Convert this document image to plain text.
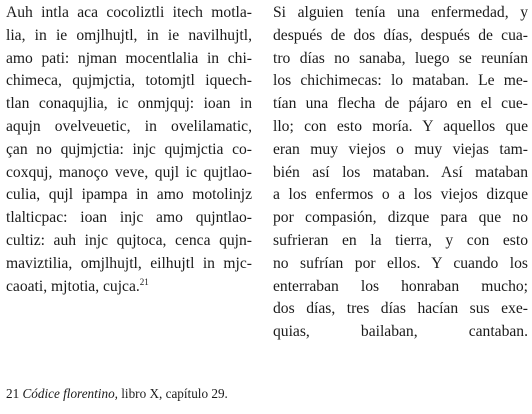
Auh intla aca cocoliztli itech motla-
lia, in ie omjlhujtl, in ie navilhujtl,
amo pati: njman mocentlalia in chi-
chimeca, qujmjctia, totomjtl iquech-
tlan conaqujlia, ic onmjquj: ioan in
aqujn ovelveuetic, in ovelilamatic,
çan no qujmjctia: injc qujmjctia co-
coxquj, manoço veve, qujl ic qujtlao-
culia, qujl ipampa in amo motolinjz
tlalticpac: ioan injc amo qujntlao-
cultiz: auh injc qujtoca, cenca qujn-
maviztilia, omjlhujtl, eilhujtl in mjc-
caoati, mjtotia, cujca.$^{21}$
Si alguien tenía una enfermedad, y
después de dos días, después de cua-
tro días no sanaba, luego se reunían
los chichimecas: lo mataban. Le me-
tían una flecha de pájaro en el cue-
llo; con esto moría. Y aquellos que
eran muy viejos o muy viejas tam-
bién así los mataban. Así mataban
a los enfermos o a los viejos dizque
por compasión, dizque para que no
sufrieran en la tierra, y con esto
no sufrían por ellos. Y cuando los
enterraban los honraban mucho;
dos días, tres días hacían sus exe-
quias, bailaban, cantaban.
21 Códice florentino, libro X, capítulo 29.
